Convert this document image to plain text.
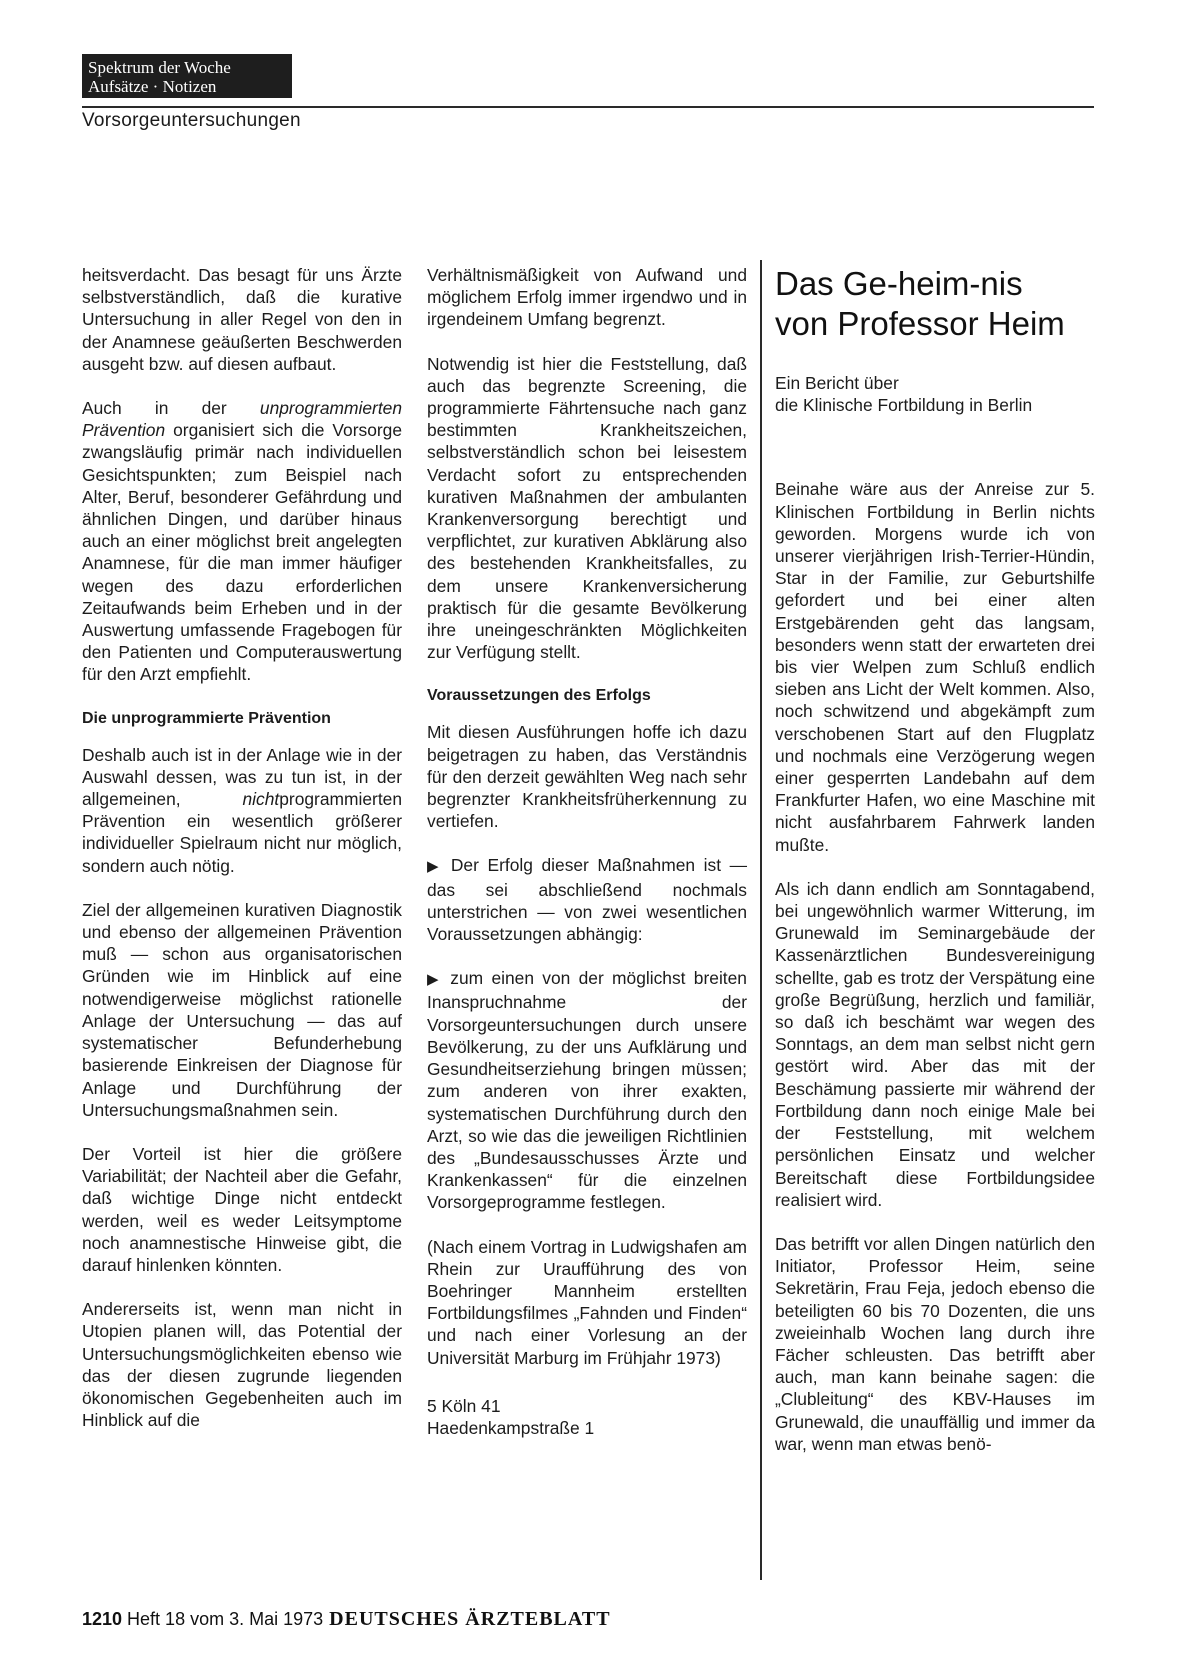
Spektrum der Woche
Aufsätze · Notizen
Vorsorgeuntersuchungen

heitsverdacht. Das besagt für uns Ärzte selbstverständlich, daß die kurative Untersuchung in aller Regel von den in der Anamnese geäußerten Beschwerden ausgeht bzw. auf diesen aufbaut.

Auch in der unprogrammierten Prävention organisiert sich die Vorsorge zwangsläufig primär nach individuellen Gesichtspunkten; zum Beispiel nach Alter, Beruf, besonderer Gefährdung und ähnlichen Dingen, und darüber hinaus auch an einer möglichst breit angelegten Anamnese, für die man immer häufiger wegen des dazu erforderlichen Zeitaufwands beim Erheben und in der Auswertung umfassende Fragebogen für den Patienten und Computerauswertung für den Arzt empfiehlt.

Die unprogrammierte Prävention

Deshalb auch ist in der Anlage wie in der Auswahl dessen, was zu tun ist, in der allgemeinen, nichtprogrammierten Prävention ein wesentlich größerer individueller Spielraum nicht nur möglich, sondern auch nötig.

Ziel der allgemeinen kurativen Diagnostik und ebenso der allgemeinen Prävention muß — schon aus organisatorischen Gründen wie im Hinblick auf eine notwendigerweise möglichst rationelle Anlage der Untersuchung — das auf systematischer Befunderhebung basierende Einkreisen der Diagnose für Anlage und Durchführung der Untersuchungsmaßnahmen sein.

Der Vorteil ist hier die größere Variabilität; der Nachteil aber die Gefahr, daß wichtige Dinge nicht entdeckt werden, weil es weder Leitsymptome noch anamnestische Hinweise gibt, die darauf hinlenken könnten.

Andererseits ist, wenn man nicht in Utopien planen will, das Potential der Untersuchungsmöglichkeiten ebenso wie das der diesen zugrunde liegenden ökonomischen Gegebenheiten auch im Hinblick auf die

Verhältnismäßigkeit von Aufwand und möglichem Erfolg immer irgendwo und in irgendeinem Umfang begrenzt.

Notwendig ist hier die Feststellung, daß auch das begrenzte Screening, die programmierte Fährtensuche nach ganz bestimmten Krankheitszeichen, selbstverständlich schon bei leisestem Verdacht sofort zu entsprechenden kurativen Maßnahmen der ambulanten Krankenversorgung berechtigt und verpflichtet, zur kurativen Abklärung also des bestehenden Krankheitsfalles, zu dem unsere Krankenversicherung praktisch für die gesamte Bevölkerung ihre uneingeschränkten Möglichkeiten zur Verfügung stellt.

Voraussetzungen des Erfolgs

Mit diesen Ausführungen hoffe ich dazu beigetragen zu haben, das Verständnis für den derzeit gewählten Weg nach sehr begrenzter Krankheitsfrüherkennung zu vertiefen.

▶ Der Erfolg dieser Maßnahmen ist — das sei abschließend nochmals unterstrichen — von zwei wesentlichen Voraussetzungen abhängig:

▶ zum einen von der möglichst breiten Inanspruchnahme der Vorsorgeuntersuchungen durch unsere Bevölkerung, zu der uns Aufklärung und Gesundheitserziehung bringen müssen; zum anderen von ihrer exakten, systematischen Durchführung durch den Arzt, so wie das die jeweiligen Richtlinien des „Bundesausschusses Ärzte und Krankenkassen“ für die einzelnen Vorsorgeprogramme festlegen.

(Nach einem Vortrag in Ludwigshafen am Rhein zur Uraufführung des von Boehringer Mannheim erstellten Fortbildungsfilmes „Fahnden und Finden“ und nach einer Vorlesung an der Universität Marburg im Frühjahr 1973)

5 Köln 41
Haedenkampstraße 1

Das Ge-heim-nis
von Professor Heim

Ein Bericht über
die Klinische Fortbildung in Berlin

Beinahe wäre aus der Anreise zur 5. Klinischen Fortbildung in Berlin nichts geworden. Morgens wurde ich von unserer vierjährigen Irish-Terrier-Hündin, Star in der Familie, zur Geburtshilfe gefordert und bei einer alten Erstgebärenden geht das langsam, besonders wenn statt der erwarteten drei bis vier Welpen zum Schluß endlich sieben ans Licht der Welt kommen. Also, noch schwitzend und abgekämpft zum verschobenen Start auf den Flugplatz und nochmals eine Verzögerung wegen einer gesperrten Landebahn auf dem Frankfurter Hafen, wo eine Maschine mit nicht ausfahrbarem Fahrwerk landen mußte.

Als ich dann endlich am Sonntagabend, bei ungewöhnlich warmer Witterung, im Grunewald im Seminargebäude der Kassenärztlichen Bundesvereinigung schellte, gab es trotz der Verspätung eine große Begrüßung, herzlich und familiär, so daß ich beschämt war wegen des Sonntags, an dem man selbst nicht gern gestört wird. Aber das mit der Beschämung passierte mir während der Fortbildung dann noch einige Male bei der Feststellung, mit welchem persönlichen Einsatz und welcher Bereitschaft diese Fortbildungsidee realisiert wird.

Das betrifft vor allen Dingen natürlich den Initiator, Professor Heim, seine Sekretärin, Frau Feja, jedoch ebenso die beteiligten 60 bis 70 Dozenten, die uns zweieinhalb Wochen lang durch ihre Fächer schleusten. Das betrifft aber auch, man kann beinahe sagen: die „Clubleitung“ des KBV-Hauses im Grunewald, die unauffällig und immer da war, wenn man etwas benö-

1210 Heft 18 vom 3. Mai 1973 DEUTSCHES ÄRZTEBLATT
